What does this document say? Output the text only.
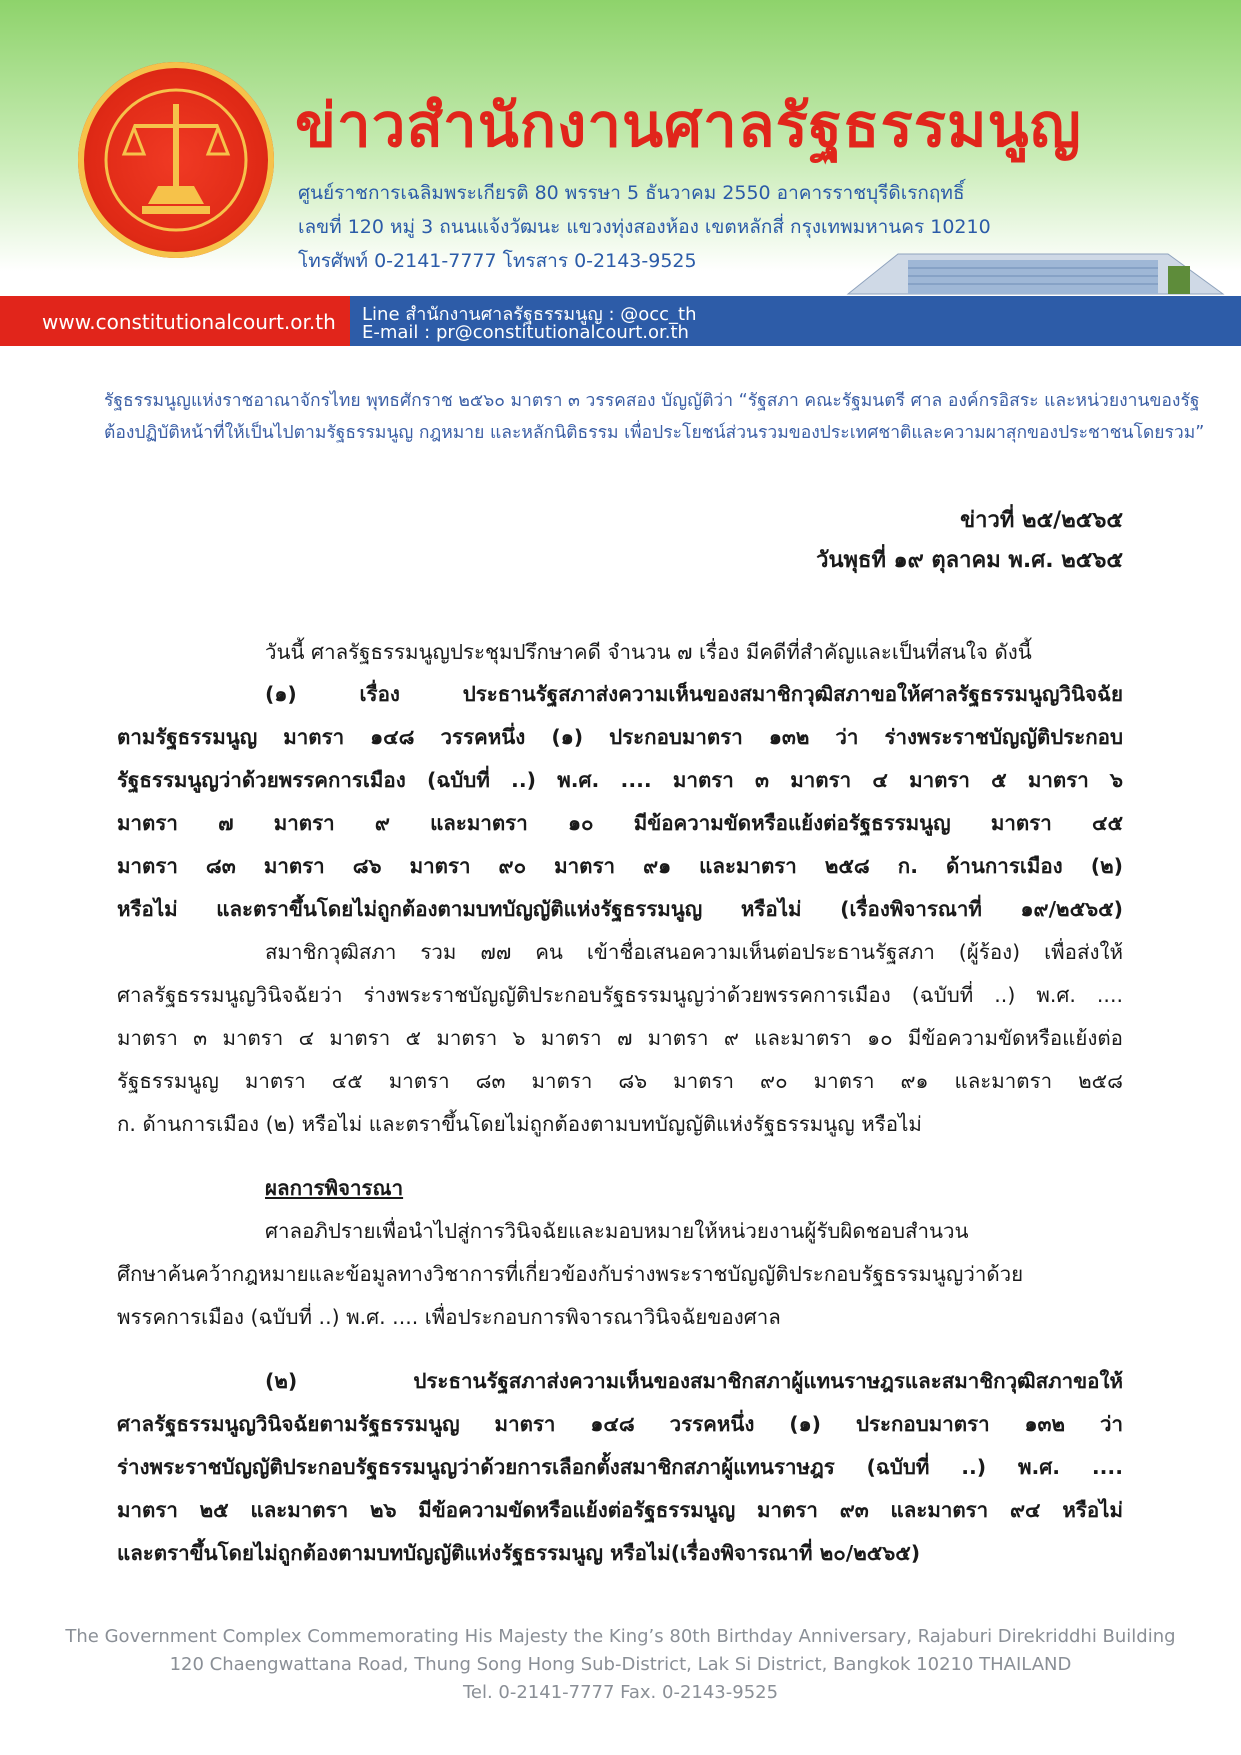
ข่าวสำนักงานศาลรัฐธรรมนูญ
ศูนย์ราชการเฉลิมพระเกียรติ 80 พรรษา 5 ธันวาคม 2550 อาคารราชบุรีดิเรกฤทธิ์
เลขที่ 120 หมู่ 3 ถนนแจ้งวัฒนะ แขวงทุ่งสองห้อง เขตหลักสี่ กรุงเทพมหานคร 10210
โทรศัพท์ 0-2141-7777 โทรสาร 0-2143-9525
www.constitutionalcourt.or.th Line สำนักงานศาลรัฐธรรมนูญ : @occ_th
E-mail : pr@constitutionalcourt.or.th
รัฐธรรมนูญแห่งราชอาณาจักรไทย พุทธศักราช ๒๕๖๐ มาตรา ๓ วรรคสอง บัญญัติว่า “รัฐสภา คณะรัฐมนตรี ศาล องค์กรอิสระ และหน่วยงานของรัฐ
ต้องปฏิบัติหน้าที่ให้เป็นไปตามรัฐธรรมนูญ กฎหมาย และหลักนิติธรรม เพื่อประโยชน์ส่วนรวมของประเทศชาติและความผาสุกของประชาชนโดยรวม”
ข่าวที่ ๒๕/๒๕๖๕
วันพุธที่ ๑๙ ตุลาคม พ.ศ. ๒๕๖๕
วันนี้ ศาลรัฐธรรมนูญประชุมปรึกษาคดี จำนวน ๗ เรื่อง มีคดีที่สำคัญและเป็นที่สนใจ ดังนี้
(๑) เรื่อง ประธานรัฐสภาส่งความเห็นของสมาชิกวุฒิสภาขอให้ศาลรัฐธรรมนูญวินิจฉัย
ตามรัฐธรรมนูญ มาตรา ๑๔๘ วรรคหนึ่ง (๑) ประกอบมาตรา ๑๓๒ ว่า ร่างพระราชบัญญัติประกอบ
รัฐธรรมนูญว่าด้วยพรรคการเมือง (ฉบับที่ ..) พ.ศ. .... มาตรา ๓ มาตรา ๔ มาตรา ๕ มาตรา ๖
มาตรา ๗ มาตรา ๙ และมาตรา ๑๐ มีข้อความขัดหรือแย้งต่อรัฐธรรมนูญ มาตรา ๔๕
มาตรา ๘๓ มาตรา ๘๖ มาตรา ๙๐ มาตรา ๙๑ และมาตรา ๒๕๘ ก. ด้านการเมือง (๒)
หรือไม่ และตราขึ้นโดยไม่ถูกต้องตามบทบัญญัติแห่งรัฐธรรมนูญ หรือไม่ (เรื่องพิจารณาที่ ๑๙/๒๕๖๕)
สมาชิกวุฒิสภา รวม ๗๗ คน เข้าชื่อเสนอความเห็นต่อประธานรัฐสภา (ผู้ร้อง) เพื่อส่งให้
ศาลรัฐธรรมนูญวินิจฉัยว่า ร่างพระราชบัญญัติประกอบรัฐธรรมนูญว่าด้วยพรรคการเมือง (ฉบับที่ ..) พ.ศ. ....
มาตรา ๓ มาตรา ๔ มาตรา ๕ มาตรา ๖ มาตรา ๗ มาตรา ๙ และมาตรา ๑๐ มีข้อความขัดหรือแย้งต่อ
รัฐธรรมนูญ มาตรา ๔๕ มาตรา ๘๓ มาตรา ๘๖ มาตรา ๙๐ มาตรา ๙๑ และมาตรา ๒๕๘
ก. ด้านการเมือง (๒) หรือไม่ และตราขึ้นโดยไม่ถูกต้องตามบทบัญญัติแห่งรัฐธรรมนูญ หรือไม่
ผลการพิจารณา
ศาลอภิปรายเพื่อนำไปสู่การวินิจฉัยและมอบหมายให้หน่วยงานผู้รับผิดชอบสำนวน
ศึกษาค้นคว้ากฎหมายและข้อมูลทางวิชาการที่เกี่ยวข้องกับร่างพระราชบัญญัติประกอบรัฐธรรมนูญว่าด้วย
พรรคการเมือง (ฉบับที่ ..) พ.ศ. .... เพื่อประกอบการพิจารณาวินิจฉัยของศาล
(๒) ประธานรัฐสภาส่งความเห็นของสมาชิกสภาผู้แทนราษฎรและสมาชิกวุฒิสภาขอให้
ศาลรัฐธรรมนูญวินิจฉัยตามรัฐธรรมนูญ มาตรา ๑๔๘ วรรคหนึ่ง (๑) ประกอบมาตรา ๑๓๒ ว่า
ร่างพระราชบัญญัติประกอบรัฐธรรมนูญว่าด้วยการเลือกตั้งสมาชิกสภาผู้แทนราษฎร (ฉบับที่ ..) พ.ศ. ....
มาตรา ๒๕ และมาตรา ๒๖ มีข้อความขัดหรือแย้งต่อรัฐธรรมนูญ มาตรา ๙๓ และมาตรา ๙๔ หรือไม่
และตราขึ้นโดยไม่ถูกต้องตามบทบัญญัติแห่งรัฐธรรมนูญ หรือไม่(เรื่องพิจารณาที่ ๒๐/๒๕๖๕)
The Government Complex Commemorating His Majesty the King’s 80th Birthday Anniversary, Rajaburi Direkriddhi Building
120 Chaengwattana Road, Thung Song Hong Sub-District, Lak Si District, Bangkok 10210 THAILAND
Tel. 0-2141-7777 Fax. 0-2143-9525
